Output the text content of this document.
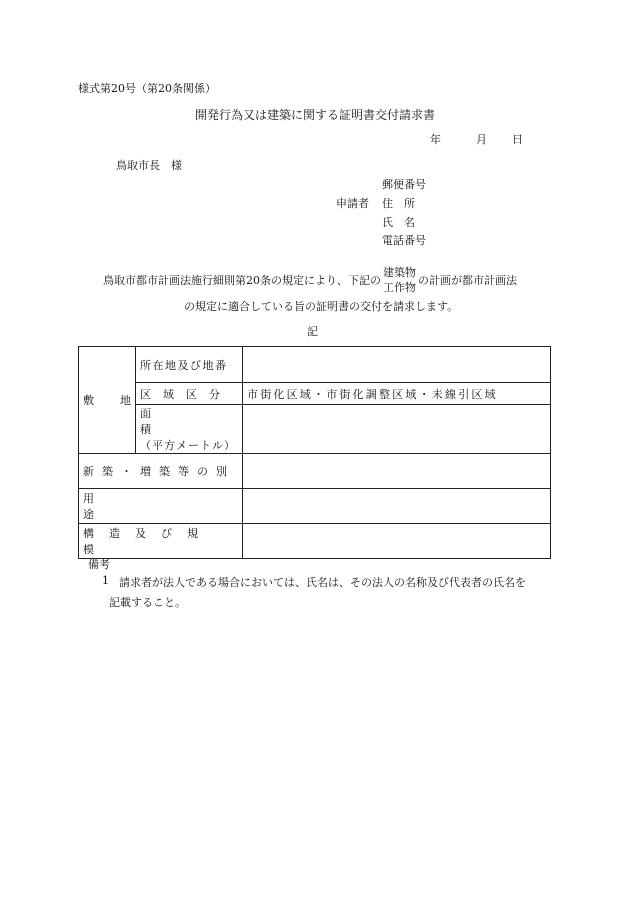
様式第20号（第20条関係）
開発行為又は建築に関する証明書交付請求書
年	月 日
鳥取市長　様
郵便番号
申請者 住　所
氏　名
電話番号
鳥取市都市計画法施行細則第20条の規定により、下記の
建築物
工作物
の計画が都市計画法
の規定に適合している旨の証明書の交付を請求します。
記
敷 地	所在地及び地番	
	区域区分	市街化区域・市街化調整区域・未線引区域

	面積
（平方メートル）	

新築・増築等の別		
用途		
構造及び規模		
備考
1 請求者が法人である場合においては、氏名は、その法人の名称及び代表者の氏名を
記載すること。
